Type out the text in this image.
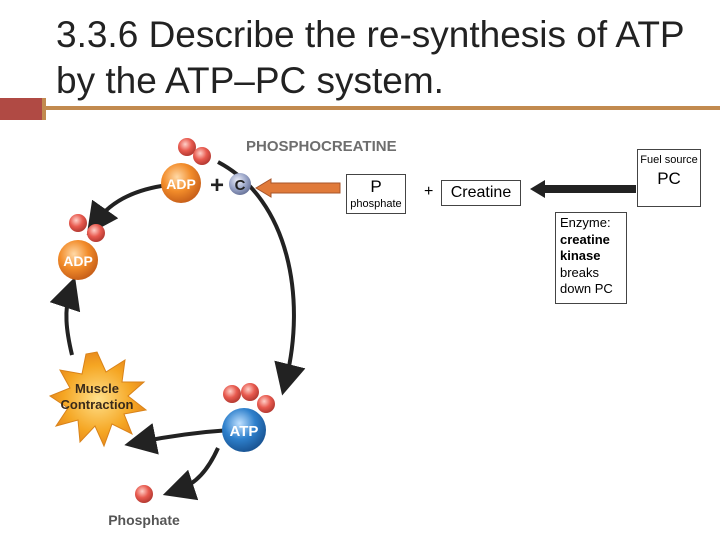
3.3.6 Describe the re-synthesis of ATP by the ATP–PC system.
PHOSPHOCREATINE
ADP + C
ADP
Muscle
Contraction
ATP
Phosphate
P
phosphate
+	Creatine
Fuel source
PC
Enzyme:
creatine
kinase
breaks
down PC
